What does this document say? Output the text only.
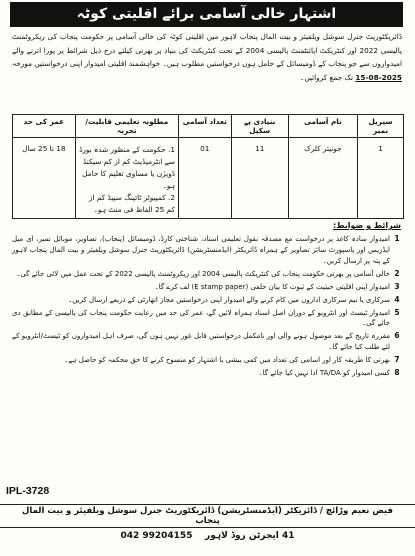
اشتہار خالی آسامی برائے اقلیتی کوٹہ

ڈائریکٹوریٹ جنرل سوشل ویلفیئر و بیت المال پنجاب لاہور میں اقلیتی کوٹہ کی خالی آسامی پر حکومت پنجاب کی ریکروٹمنٹ پالیسی 2022 اور کنٹریکٹ اپائنٹمنٹ پالیسی 2004 کے تحت کنٹریکٹ کی بنیاد پر بھرتی کیلئے درج ذیل شرائط پر پورا اترنے والے امیدواروں سے جو پنجاب کے ڈومیسائل کے حامل ہوں درخواستیں مطلوب ہیں۔ خواہشمند اقلیتی امیدوار اپنی درخواستیں مورخہ 15-08-2025 تک جمع کروائیں۔

سیریل نمبر	نام آسامی	بنیادی پے سکیل	تعداد آسامی	مطلوبہ تعلیمی قابلیت/تجربہ	عمر کی حد
1	جونیئر کلرک	11	01	1. حکومت کے منظور شدہ بورڈ سے انٹرمیڈیٹ کم از کم سیکنڈ ڈویژن یا مساوی تعلیم کا حامل ہو۔
2. کمپیوٹر ٹائپنگ سپیڈ کم از کم 25 الفاظ فی منٹ ہو۔	18 تا 25 سال

شرائط و ضوابط:

1
امیدوار سادہ کاغذ پر درخواست مع مصدقہ نقول تعلیمی اسناد، شناختی کارڈ، ڈومیسائل (پنجاب)، تصاویر، موبائل نمبر، ای میل ایڈریس اور پاسپورٹ سائز تصاویر کے ہمراہ ڈائریکٹر (ایڈمنسٹریشن) ڈائریکٹوریٹ جنرل سوشل ویلفیئر و بیت المال پنجاب لاہور کے پتہ پر ارسال کریں۔
2
خالی آسامی پر بھرتی حکومت پنجاب کی کنٹریکٹ پالیسی 2004 اور ریکروٹمنٹ پالیسی 2022 کے تحت عمل میں لائی جائے گی۔
3
امیدوار اپنی اقلیتی حیثیت کے ثبوت کا بیان حلفی (E stamp paper) لف کرے گا۔
4
سرکاری یا نیم سرکاری اداروں میں کام کرنے والے امیدوار اپنی درخواستیں مجاز اتھارٹی کے ذریعے ارسال کریں۔
5
امیدوار ٹیسٹ اور انٹرویو کے دوران اصل اسناد ہمراہ لائیں گے، عمر کی حد میں رعایت حکومت پنجاب کی پالیسی کے مطابق دی جائے گی۔
6
مقررہ تاریخ کے بعد موصول ہونے والی اور نامکمل درخواستیں قابل غور نہیں ہوں گی، صرف اہل امیدواروں کو ٹیسٹ/انٹرویو کے لئے طلب کیا جائے گا۔
7
بھرتی کا طریقہ کار اور اسامی کی تعداد میں کمی بیشی یا اشتہار کو منسوخ کرنے کا حق محکمہ کو حاصل ہے۔
8
کسی امیدوار کو TA/DA ادا نہیں کیا جائے گا۔
IPL-3728
فیض نعیم وڑائچ / ڈائریکٹر (ایڈمنسٹریشن) ڈائریکٹوریٹ جنرل سوشل ویلفیئر و بیت المال پنجاب
41 ایجرٹن روڈ لاہور    042 99204155
